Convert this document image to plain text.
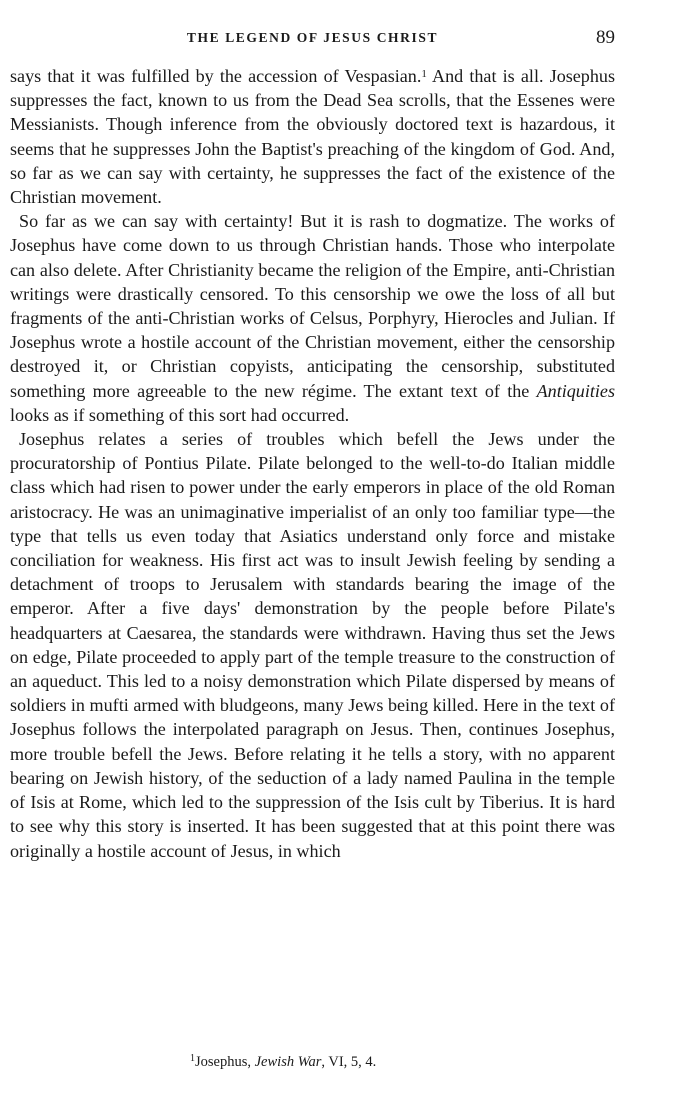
THE LEGEND OF JESUS CHRIST	89

says that it was fulfilled by the accession of Vespasian.$^1$ And that is all. Josephus suppresses the fact, known to us from the Dead Sea scrolls, that the Essenes were Messianists. Though inference from the obviously doctored text is hazardous, it seems that he suppresses John the Baptist's preaching of the kingdom of God. And, so far as we can say with certainty, he suppresses the fact of the existence of the Christian movement.

So far as we can say with certainty! But it is rash to dogmatize. The works of Josephus have come down to us through Christian hands. Those who interpolate can also delete. After Christianity became the religion of the Empire, anti-Christian writings were drastically censored. To this censorship we owe the loss of all but fragments of the anti-Christian works of Celsus, Porphyry, Hierocles and Julian. If Josephus wrote a hostile account of the Christian movement, either the censorship destroyed it, or Christian copyists, anticipating the censorship, substituted something more agreeable to the new régime. The extant text of the Antiquities looks as if something of this sort had occurred.

Josephus relates a series of troubles which befell the Jews under the procuratorship of Pontius Pilate. Pilate belonged to the well-to-do Italian middle class which had risen to power under the early emperors in place of the old Roman aristocracy. He was an unimaginative imperialist of an only too familiar type—the type that tells us even today that Asiatics understand only force and mistake conciliation for weakness. His first act was to insult Jewish feeling by sending a detachment of troops to Jerusalem with standards bearing the image of the emperor. After a five days' demonstration by the people before Pilate's headquarters at Caesarea, the standards were withdrawn. Having thus set the Jews on edge, Pilate proceeded to apply part of the temple treasure to the construction of an aqueduct. This led to a noisy demonstration which Pilate dispersed by means of soldiers in mufti armed with bludgeons, many Jews being killed. Here in the text of Josephus follows the interpolated paragraph on Jesus. Then, continues Josephus, more trouble befell the Jews. Before relating it he tells a story, with no apparent bearing on Jewish history, of the seduction of a lady named Paulina in the temple of Isis at Rome, which led to the suppression of the Isis cult by Tiberius. It is hard to see why this story is inserted. It has been suggested that at this point there was originally a hostile account of Jesus, in which

$^1$Josephus, Jewish War, VI, 5, 4.
